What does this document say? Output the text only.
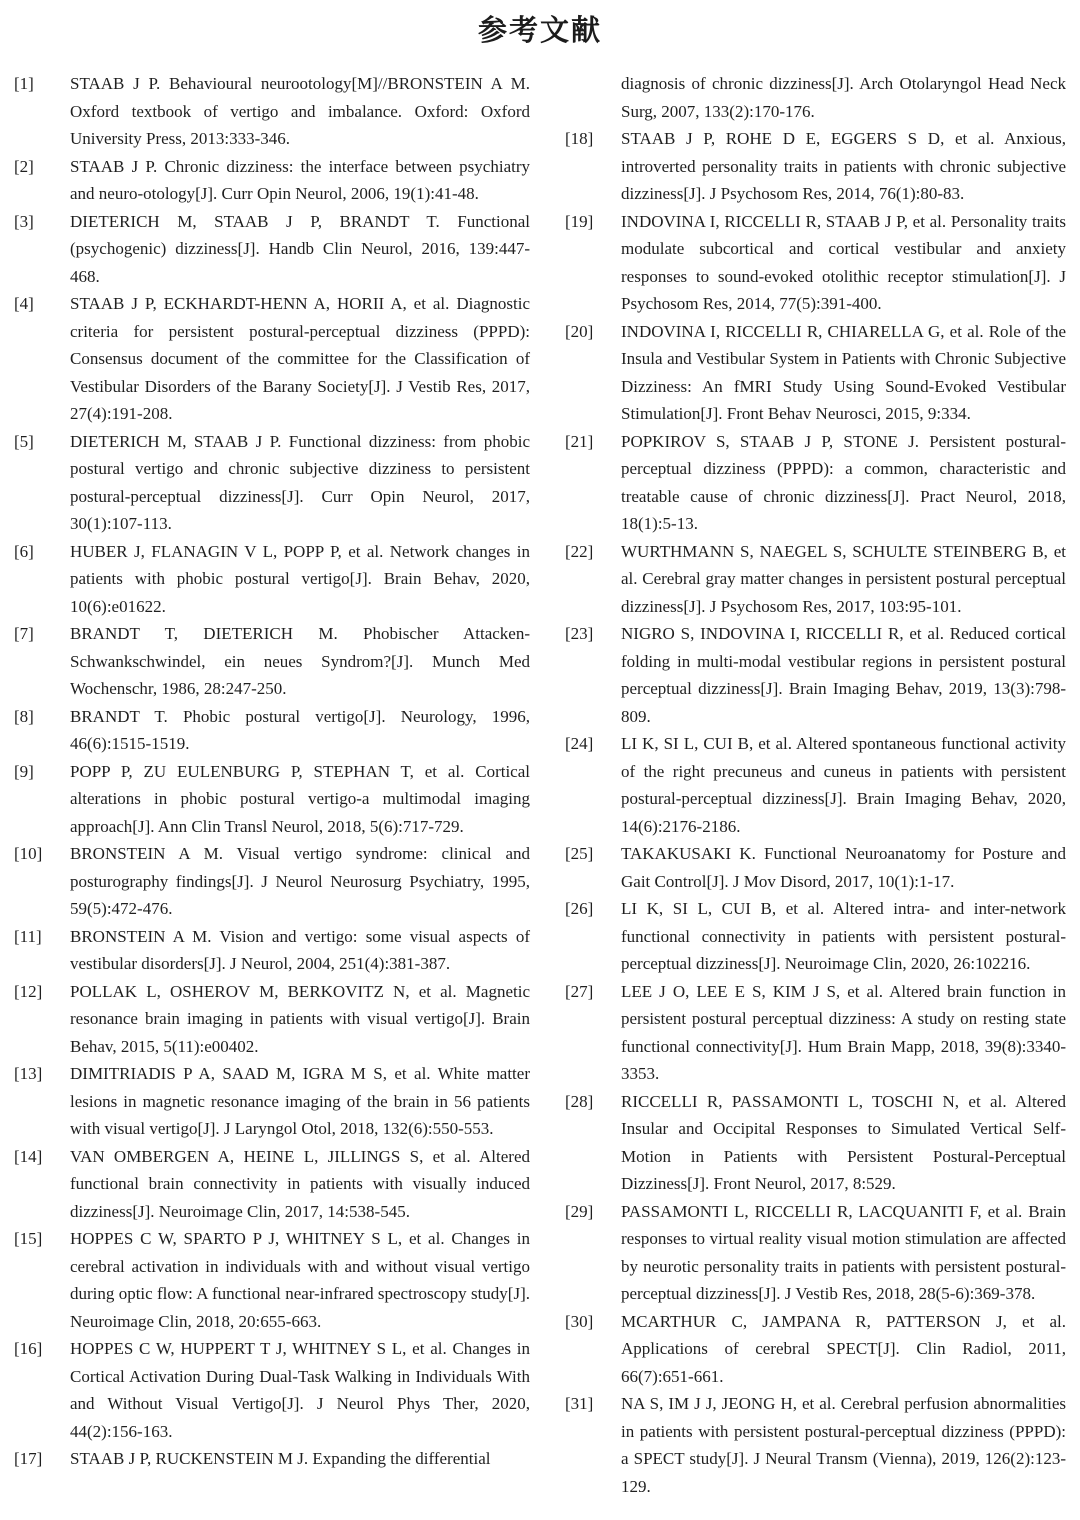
参考文献
[1] STAAB J P. Behavioural neurootology[M]//BRONSTEIN A M. Oxford textbook of vertigo and imbalance. Oxford: Oxford University Press, 2013:333-346.
[2] STAAB J P. Chronic dizziness: the interface between psychiatry and neuro-otology[J]. Curr Opin Neurol, 2006, 19(1):41-48.
[3] DIETERICH M, STAAB J P, BRANDT T. Functional (psychogenic) dizziness[J]. Handb Clin Neurol, 2016, 139:447-468.
[4] STAAB J P, ECKHARDT-HENN A, HORII A, et al. Diagnostic criteria for persistent postural-perceptual dizziness (PPPD): Consensus document of the committee for the Classification of Vestibular Disorders of the Barany Society[J]. J Vestib Res, 2017, 27(4):191-208.
[5] DIETERICH M, STAAB J P. Functional dizziness: from phobic postural vertigo and chronic subjective dizziness to persistent postural-perceptual dizziness[J]. Curr Opin Neurol, 2017, 30(1):107-113.
[6] HUBER J, FLANAGIN V L, POPP P, et al. Network changes in patients with phobic postural vertigo[J]. Brain Behav, 2020, 10(6):e01622.
[7] BRANDT T, DIETERICH M. Phobischer Attacken-Schwankschwindel, ein neues Syndrom?[J]. Munch Med Wochenschr, 1986, 28:247-250.
[8] BRANDT T. Phobic postural vertigo[J]. Neurology, 1996, 46(6):1515-1519.
[9] POPP P, ZU EULENBURG P, STEPHAN T, et al. Cortical alterations in phobic postural vertigo-a multimodal imaging approach[J]. Ann Clin Transl Neurol, 2018, 5(6):717-729.
[10] BRONSTEIN A M. Visual vertigo syndrome: clinical and posturography findings[J]. J Neurol Neurosurg Psychiatry, 1995, 59(5):472-476.
[11] BRONSTEIN A M. Vision and vertigo: some visual aspects of vestibular disorders[J]. J Neurol, 2004, 251(4):381-387.
[12] POLLAK L, OSHEROV M, BERKOVITZ N, et al. Magnetic resonance brain imaging in patients with visual vertigo[J]. Brain Behav, 2015, 5(11):e00402.
[13] DIMITRIADIS P A, SAAD M, IGRA M S, et al. White matter lesions in magnetic resonance imaging of the brain in 56 patients with visual vertigo[J]. J Laryngol Otol, 2018, 132(6):550-553.
[14] VAN OMBERGEN A, HEINE L, JILLINGS S, et al. Altered functional brain connectivity in patients with visually induced dizziness[J]. Neuroimage Clin, 2017, 14:538-545.
[15] HOPPES C W, SPARTO P J, WHITNEY S L, et al. Changes in cerebral activation in individuals with and without visual vertigo during optic flow: A functional near-infrared spectroscopy study[J]. Neuroimage Clin, 2018, 20:655-663.
[16] HOPPES C W, HUPPERT T J, WHITNEY S L, et al. Changes in Cortical Activation During Dual-Task Walking in Individuals With and Without Visual Vertigo[J]. J Neurol Phys Ther, 2020, 44(2):156-163.
[17] STAAB J P, RUCKENSTEIN M J. Expanding the differential
diagnosis of chronic dizziness[J]. Arch Otolaryngol Head Neck Surg, 2007, 133(2):170-176.
[18] STAAB J P, ROHE D E, EGGERS S D, et al. Anxious, introverted personality traits in patients with chronic subjective dizziness[J]. J Psychosom Res, 2014, 76(1):80-83.
[19] INDOVINA I, RICCELLI R, STAAB J P, et al. Personality traits modulate subcortical and cortical vestibular and anxiety responses to sound-evoked otolithic receptor stimulation[J]. J Psychosom Res, 2014, 77(5):391-400.
[20] INDOVINA I, RICCELLI R, CHIARELLA G, et al. Role of the Insula and Vestibular System in Patients with Chronic Subjective Dizziness: An fMRI Study Using Sound-Evoked Vestibular Stimulation[J]. Front Behav Neurosci, 2015, 9:334.
[21] POPKIROV S, STAAB J P, STONE J. Persistent postural-perceptual dizziness (PPPD): a common, characteristic and treatable cause of chronic dizziness[J]. Pract Neurol, 2018, 18(1):5-13.
[22] WURTHMANN S, NAEGEL S, SCHULTE STEINBERG B, et al. Cerebral gray matter changes in persistent postural perceptual dizziness[J]. J Psychosom Res, 2017, 103:95-101.
[23] NIGRO S, INDOVINA I, RICCELLI R, et al. Reduced cortical folding in multi-modal vestibular regions in persistent postural perceptual dizziness[J]. Brain Imaging Behav, 2019, 13(3):798-809.
[24] LI K, SI L, CUI B, et al. Altered spontaneous functional activity of the right precuneus and cuneus in patients with persistent postural-perceptual dizziness[J]. Brain Imaging Behav, 2020, 14(6):2176-2186.
[25] TAKAKUSAKI K. Functional Neuroanatomy for Posture and Gait Control[J]. J Mov Disord, 2017, 10(1):1-17.
[26] LI K, SI L, CUI B, et al. Altered intra- and inter-network functional connectivity in patients with persistent postural-perceptual dizziness[J]. Neuroimage Clin, 2020, 26:102216.
[27] LEE J O, LEE E S, KIM J S, et al. Altered brain function in persistent postural perceptual dizziness: A study on resting state functional connectivity[J]. Hum Brain Mapp, 2018, 39(8):3340-3353.
[28] RICCELLI R, PASSAMONTI L, TOSCHI N, et al. Altered Insular and Occipital Responses to Simulated Vertical Self-Motion in Patients with Persistent Postural-Perceptual Dizziness[J]. Front Neurol, 2017, 8:529.
[29] PASSAMONTI L, RICCELLI R, LACQUANITI F, et al. Brain responses to virtual reality visual motion stimulation are affected by neurotic personality traits in patients with persistent postural-perceptual dizziness[J]. J Vestib Res, 2018, 28(5-6):369-378.
[30] MCARTHUR C, JAMPANA R, PATTERSON J, et al. Applications of cerebral SPECT[J]. Clin Radiol, 2011, 66(7):651-661.
[31] NA S, IM J J, JEONG H, et al. Cerebral perfusion abnormalities in patients with persistent postural-perceptual dizziness (PPPD): a SPECT study[J]. J Neural Transm (Vienna), 2019, 126(2):123-129.
